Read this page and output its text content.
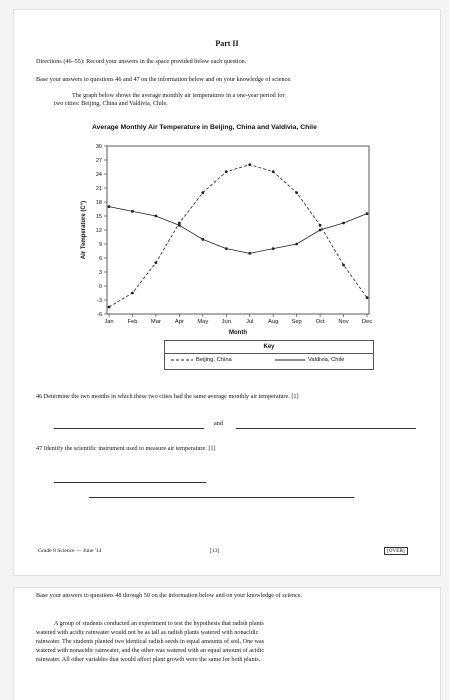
Part II
Directions (46–55): Record your answers in the space provided below each question.
Base your answers to questions 46 and 47 on the information below and on your knowledge of science.
The graph below shows the average monthly air temperatures in a one-year period for
two cities: Beijing, China and Valdivia, Chile.
Average Monthly Air Temperature in Beijing, China and Valdivia, Chile
30
27
24
21
18
15
12
9
6
3
0
-3
-6
Jan Feb Mar Apr May Jun	Jul	Aug Sep Oct Nov Dec
Month
Air Temperature (C°)
Key
Beijing, China	Valdivia, Chile
46 Determine the two months in which these two cities had the same average monthly air temperature. [1]
and
47 Identify the scientific instrument used to measure air temperature. [1]
Grade 8 Science — June '14	[13]	[OVER]
Base your answers to questions 48 through 50 on the information below and on your knowledge of science.
A group of students conducted an experiment to test the hypothesis that radish plants
watered with acidic rainwater would not be as tall as radish plants watered with nonacidic
rainwater. The students planted two identical radish seeds in equal amounts of soil. One was
watered with nonacidic rainwater, and the other was watered with an equal amount of acidic
rainwater. All other variables that would affect plant growth were the same for both plants.
